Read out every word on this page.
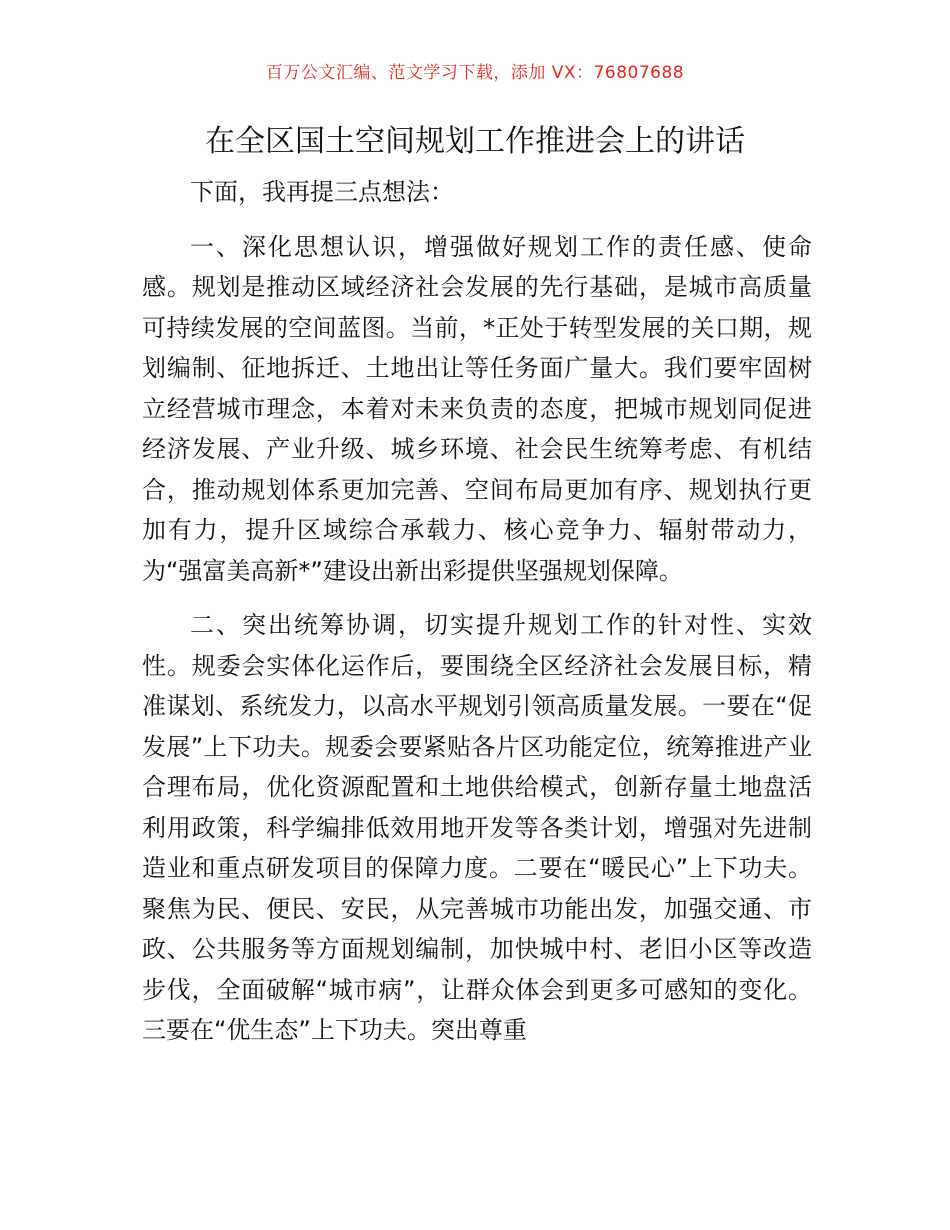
百万公文汇编、范文学习下载，添加 VX：76807688
在全区国土空间规划工作推进会上的讲话

下面，我再提三点想法：

一、深化思想认识，增强做好规划工作的责任感、使命感。规划是推动区域经济社会发展的先行基础，是城市高质量可持续发展的空间蓝图。当前，*正处于转型发展的关口期，规划编制、征地拆迁、土地出让等任务面广量大。我们要牢固树立经营城市理念，本着对未来负责的态度，把城市规划同促进经济发展、产业升级、城乡环境、社会民生统筹考虑、有机结合，推动规划体系更加完善、空间布局更加有序、规划执行更加有力，提升区域综合承载力、核心竞争力、辐射带动力，为“强富美高新*”建设出新出彩提供坚强规划保障。

二、突出统筹协调，切实提升规划工作的针对性、实效性。规委会实体化运作后，要围绕全区经济社会发展目标，精准谋划、系统发力，以高水平规划引领高质量发展。一要在“促发展”上下功夫。规委会要紧贴各片区功能定位，统筹推进产业合理布局，优化资源配置和土地供给模式，创新存量土地盘活利用政策，科学编排低效用地开发等各类计划，增强对先进制造业和重点研发项目的保障力度。二要在“暖民心”上下功夫。聚焦为民、便民、安民，从完善城市功能出发，加强交通、市政、公共服务等方面规划编制，加快城中村、老旧小区等改造步伐，全面破解“城市病”，让群众体会到更多可感知的变化。三要在“优生态”上下功夫。突出尊重
